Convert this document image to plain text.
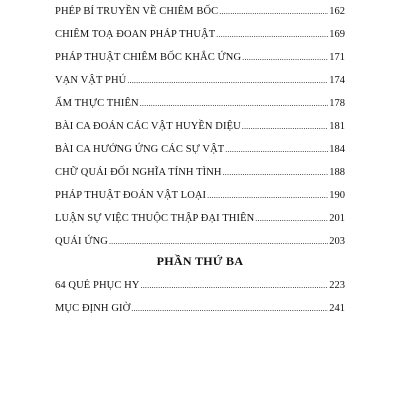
PHÉP BÍ TRUYỀN VỀ CHIÊM BỐC .....	162
CHIÊM TOẠ ĐOAN PHÁP THUẬT .....	169
PHÁP THUẬT CHIÊM BỐC KHẮC ỨNG .....	171
VẠN VẬT PHÚ .....	174
ẨM THỰC THIÊN .....	178
BÀI CA ĐOÁN CÁC VẬT HUYỀN DIỆU .....	181
BÀI CA HƯỞNG ỨNG CÁC SỰ VẬT .....	184
CHỮ QUÁI ĐỐI NGHĨA TÍNH TÌNH .....	188
PHÁP THUẬT ĐOÁN VẬT LOẠI .....	190
LUẬN SỰ VIỆC THUỘC THẬP ĐẠI THIÊN .....	201
QUÁI ỨNG .....	203
PHẦN THỨ BA
64 QUẺ PHỤC HY .....	223
MỤC ĐỊNH GIỜ .....	241
